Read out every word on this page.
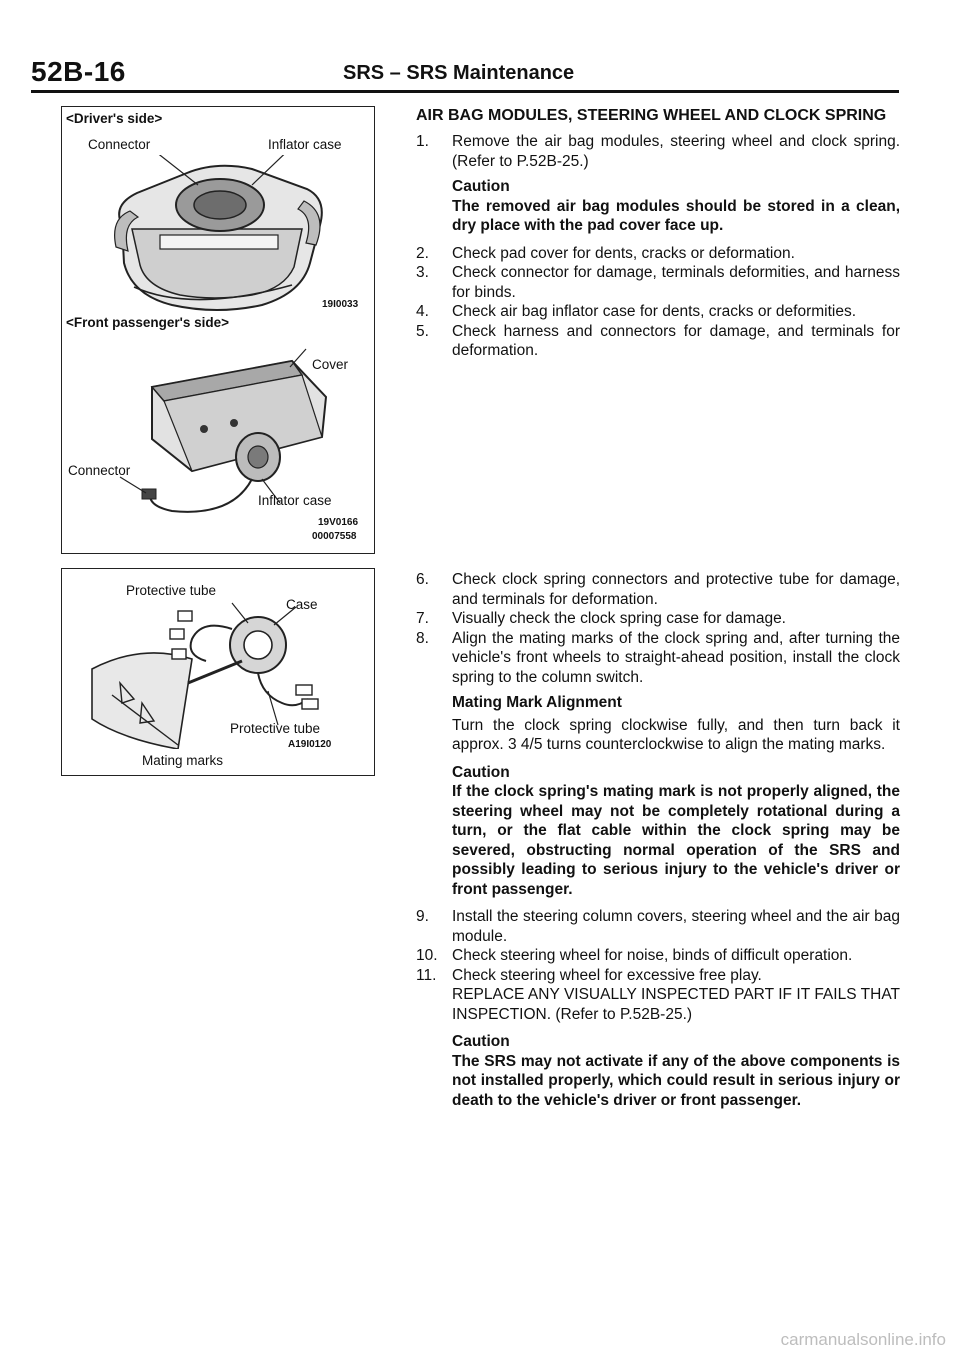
52B-16	SRS – SRS Maintenance
<Driver's side>
Connector	Inflator case
19I0033
<Front passenger's side>
Cover
Connector
Inflator case
19V0166
00007558
Protective tube
Case
Protective tube
A19I0120
Mating marks
AIR BAG MODULES, STEERING WHEEL AND CLOCK SPRING
1.	Remove the air bag modules, steering wheel and clock spring. (Refer to P.52B-25.)
Caution
The removed air bag modules should be stored in a clean, dry place with the pad cover face up.
2.	Check pad cover for dents, cracks or deformation.
3.	Check connector for damage, terminals deformities, and harness for binds.
4.	Check air bag inflator case for dents, cracks or deformities.
5.	Check harness and connectors for damage, and terminals for deformation.
6.	Check clock spring connectors and protective tube for damage, and terminals for deformation.
7.	Visually check the clock spring case for damage.
8.	Align the mating marks of the clock spring and, after turning the vehicle's front wheels to straight-ahead position, install the clock spring to the column switch.
Mating Mark Alignment
Turn the clock spring clockwise fully, and then turn back it approx. 3 4/5 turns counterclockwise to align the mating marks.
Caution
If the clock spring's mating mark is not properly aligned, the steering wheel may not be completely rotational during a turn, or the flat cable within the clock spring may be severed, obstructing normal operation of the SRS and possibly leading to serious injury to the vehicle's driver or front passenger.
9.	Install the steering column covers, steering wheel and the air bag module.
10. Check steering wheel for noise, binds of difficult operation.
11.	Check steering wheel for excessive free play.
REPLACE ANY VISUALLY INSPECTED PART IF IT FAILS THAT INSPECTION. (Refer to P.52B-25.)
Caution
The SRS may not activate if any of the above components is not installed properly, which could result in serious injury or death to the vehicle's driver or front passenger.
carmanualsonline.info
